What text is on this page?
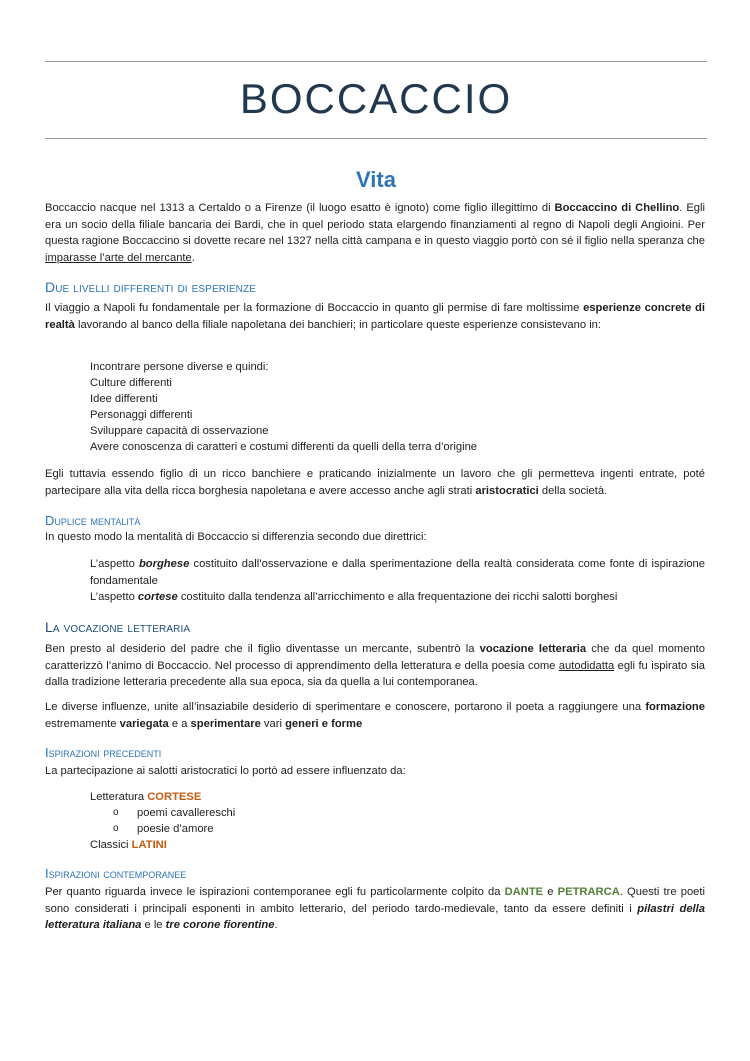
BOCCACCIO
Vita

Boccaccio nacque nel 1313 a Certaldo o a Firenze (il luogo esatto è ignoto) come figlio illegittimo di Boccaccino di Chellino. Egli era un socio della filiale bancaria dei Bardi, che in quel periodo stata elargendo finanziamenti al regno di Napoli degli Angioini. Per questa ragione Boccaccino si dovette recare nel 1327 nella città campana e in questo viaggio portò con sé il figlio nella speranza che imparasse l’arte del mercante.

Due livelli differenti di esperienze

Il viaggio a Napoli fu fondamentale per la formazione di Boccaccio in quanto gli permise di fare moltissime esperienze concrete di realtà lavorando al banco della filiale napoletana dei banchieri; in particolare queste esperienze consistevano in:

Incontrare persone diverse e quindi:
Culture differenti
Idee differenti
Personaggi differenti
Sviluppare capacità di osservazione
Avere conoscenza di caratteri e costumi differenti da quelli della terra d’origine

Egli tuttavia essendo figlio di un ricco banchiere e praticando inizialmente un lavoro che gli permetteva ingenti entrate, poté partecipare alla vita della ricca borghesia napoletana e avere accesso anche agli strati aristocratici della società.

Duplice mentalità

In questo modo la mentalità di Boccaccio si differenzia secondo due direttrici:

L’aspetto borghese costituito dall’osservazione e dalla sperimentazione della realtà considerata come fonte di ispirazione fondamentale

L’aspetto cortese costituito dalla tendenza all’arricchimento e alla frequentazione dei ricchi salotti borghesi

La vocazione letteraria

Ben presto al desiderio del padre che il figlio diventasse un mercante, subentrò la vocazione letteraria che da quel momento caratterizzò l’animo di Boccaccio. Nel processo di apprendimento della letteratura e della poesia come autodidatta egli fu ispirato sia dalla tradizione letteraria precedente alla sua epoca, sia da quella a lui contemporanea.

Le diverse influenze, unite all’insaziabile desiderio di sperimentare e conoscere, portarono il poeta a raggiungere una formazione estremamente variegata e a sperimentare vari generi e forme

Ispirazioni precedenti

La partecipazione ai salotti aristocratici lo portò ad essere influenzato da:

Letteratura CORTESE

o poemi cavallereschi
o poesie d’amore

Classici LATINI

Ispirazioni contemporanee

Per quanto riguarda invece le ispirazioni contemporanee egli fu particolarmente colpito da DANTE e PETRARCA. Questi tre poeti sono considerati i principali esponenti in ambito letterario, del periodo tardo-medievale, tanto da essere definiti i pilastri della letteratura italiana e le tre corone fiorentine.
